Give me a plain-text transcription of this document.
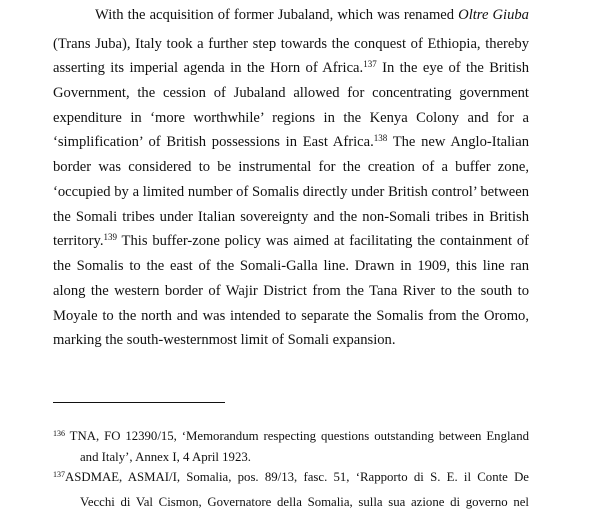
With the acquisition of former Jubaland, which was renamed Oltre Giuba
(Trans Juba), Italy took a further step towards the conquest of Ethiopia, thereby
asserting its imperial agenda in the Horn of Africa.$^{137}$ In the eye of the British
Government, the cession of Jubaland allowed for concentrating government
expenditure in ‘more worthwhile’ regions in the Kenya Colony and for a
‘simplification’ of British possessions in East Africa.$^{138}$ The new Anglo-Italian
border was considered to be instrumental for the creation of a buffer zone,
‘occupied by a limited number of Somalis directly under British control’ between
the Somali tribes under Italian sovereignty and the non-Somali tribes in British
territory.$^{139}$ This buffer-zone policy was aimed at facilitating the containment of
the Somalis to the east of the Somali-Galla line. Drawn in 1909, this line ran
along the western border of Wajir District from the Tana River to the south to
Moyale to the north and was intended to separate the Somalis from the Oromo,
marking the south-westernmost limit of Somali expansion.
$^{136}$ TNA, FO 12390/15, ‘Memorandum respecting questions outstanding between England
and Italy’, Annex I, 4 April 1923.
$^{137}$ASDMAE, ASMAI/I, Somalia, pos. 89/13, fasc. 51, ‘Rapporto di S. E. il Conte De
Vecchi di Val Cismon, Governatore della Somalia, sulla sua azione di governo nel
